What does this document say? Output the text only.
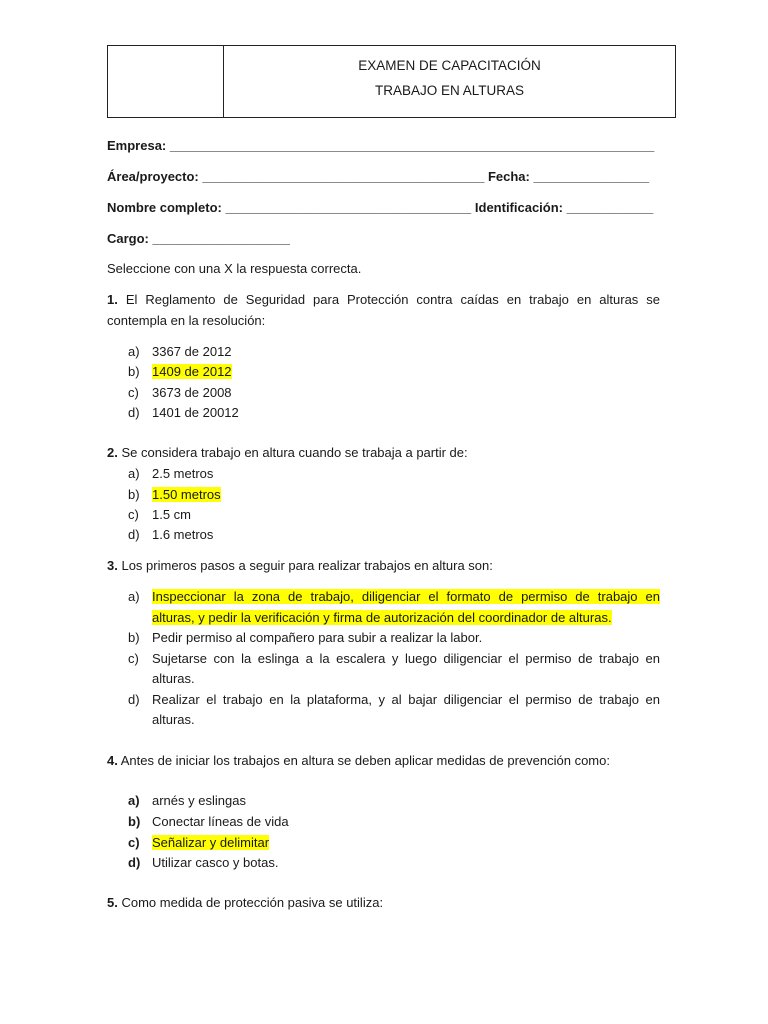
EXAMEN DE CAPACITACIÓN
TRABAJO EN ALTURAS
Empresa: ___________________________________________________________________
Área/proyecto: _______________________________________ Fecha: ________________
Nombre completo: __________________________________ Identificación: ____________
Cargo: ___________________
Seleccione con una X la respuesta correcta.
1. El Reglamento de Seguridad para Protección contra caídas en trabajo en alturas se
contempla en la resolución:
a) 3367 de 2012
b) 1409 de 2012
c)	3673 de 2008
d) 1401 de 20012
2. Se considera trabajo en altura cuando se trabaja a partir de:
a) 2.5 metros
b) 1.50 metros
c)	1.5 cm
d) 1.6 metros
3. Los primeros pasos a seguir para realizar trabajos en altura son:
a) Inspeccionar la zona de trabajo, diligenciar el formato de permiso de trabajo en
alturas, y pedir la verificación y firma de autorización del coordinador de alturas.
b) Pedir permiso al compañero para subir a realizar la labor.
c)	Sujetarse con la eslinga a la escalera y luego diligenciar el permiso de trabajo en
alturas.
d) Realizar el trabajo en la plataforma, y al bajar diligenciar el permiso de trabajo en
alturas.
4. Antes de iniciar los trabajos en altura se deben aplicar medidas de prevención como:
a) arnés y eslingas
b) Conectar líneas de vida
c) Señalizar y delimitar
d) Utilizar casco y botas.
5. Como medida de protección pasiva se utiliza:
